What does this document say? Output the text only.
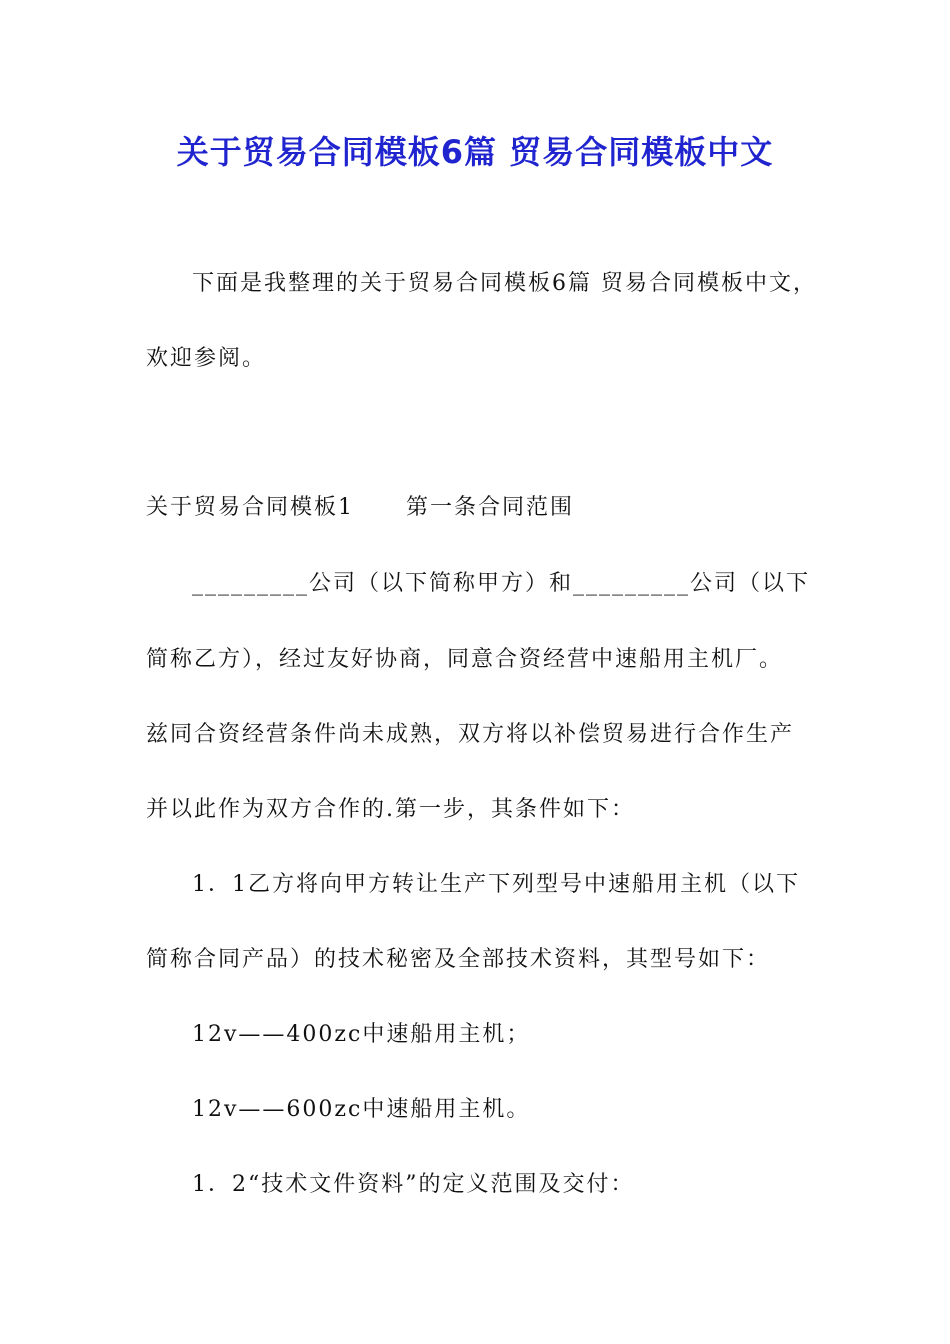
关于贸易合同模板6篇 贸易合同模板中文
下面是我整理的关于贸易合同模板6篇 贸易合同模板中文，
欢迎参阅。
关于贸易合同模板1 第一条合同范围
_________公司（以下简称甲方）和_________公司（以下
简称乙方），经过友好协商，同意合资经营中速船用主机厂。
兹同合资经营条件尚未成熟，双方将以补偿贸易进行合作生产
并以此作为双方合作的.第一步，其条件如下：
1．1乙方将向甲方转让生产下列型号中速船用主机（以下
简称合同产品）的技术秘密及全部技术资料，其型号如下：
12v——400zc中速船用主机；
12v——600zc中速船用主机。
1．2“技术文件资料”的定义范围及交付：
